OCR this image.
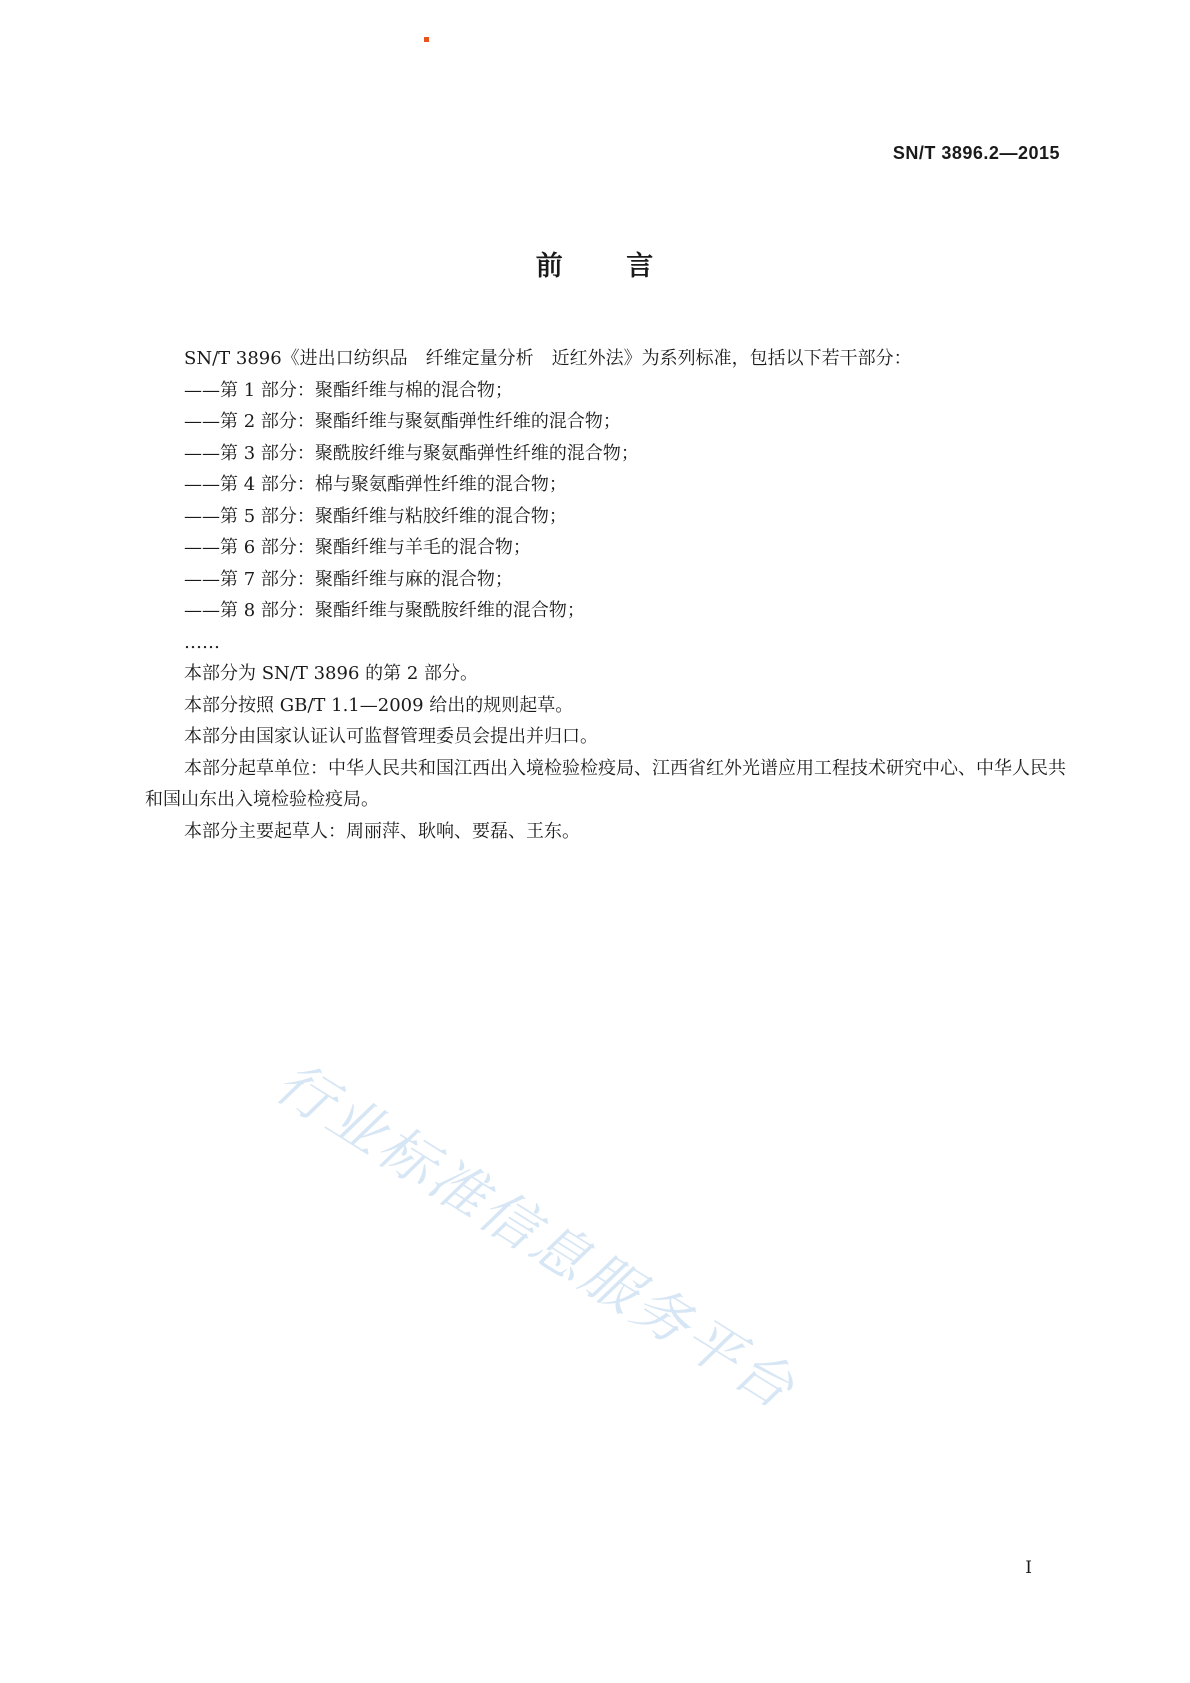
SN/T 3896.2—2015
前 言
SN/T 3896《进出口纺织品　纤维定量分析　近红外法》为系列标准，包括以下若干部分：
——第 1 部分：聚酯纤维与棉的混合物；
——第 2 部分：聚酯纤维与聚氨酯弹性纤维的混合物；
——第 3 部分：聚酰胺纤维与聚氨酯弹性纤维的混合物；
——第 4 部分：棉与聚氨酯弹性纤维的混合物；
——第 5 部分：聚酯纤维与粘胶纤维的混合物；
——第 6 部分：聚酯纤维与羊毛的混合物；
——第 7 部分：聚酯纤维与麻的混合物；
——第 8 部分：聚酯纤维与聚酰胺纤维的混合物；
……
本部分为 SN/T 3896 的第 2 部分。
本部分按照 GB/T 1.1—2009 给出的规则起草。
本部分由国家认证认可监督管理委员会提出并归口。
本部分起草单位：中华人民共和国江西出入境检验检疫局、江西省红外光谱应用工程技术研究中心、中华人民共和国山东出入境检验检疫局。
本部分主要起草人：周丽萍、耿响、要磊、王东。
行业标准信息服务平台
I
